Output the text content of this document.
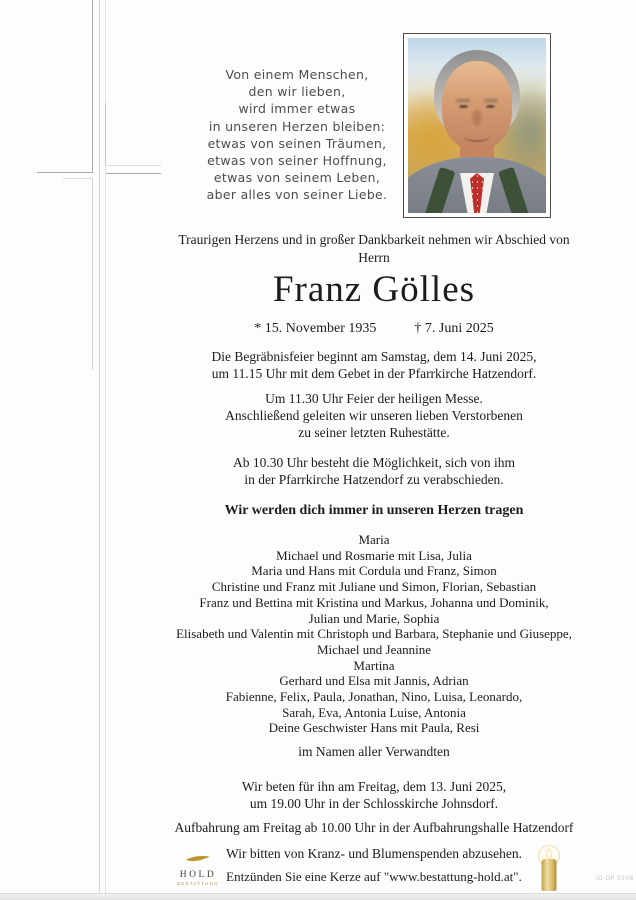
Von einem Menschen,
den wir lieben,
wird immer etwas
in unseren Herzen bleiben:
etwas von seinen Träumen,
etwas von seiner Hoffnung,
etwas von seinem Leben,
aber alles von seiner Liebe.
Traurigen Herzens und in großer Dankbarkeit nehmen wir Abschied von
Herrn
Franz Gölles
* 15. November 1935	† 7. Juni 2025
Die Begräbnisfeier beginnt am Samstag, dem 14. Juni 2025,
um 11.15 Uhr mit dem Gebet in der Pfarrkirche Hatzendorf.
Um 11.30 Uhr Feier der heiligen Messe.
Anschließend geleiten wir unseren lieben Verstorbenen
zu seiner letzten Ruhestätte.
Ab 10.30 Uhr besteht die Möglichkeit, sich von ihm
in der Pfarrkirche Hatzendorf zu verabschieden.
Wir werden dich immer in unseren Herzen tragen
Maria
Michael und Rosmarie mit Lisa, Julia
Maria und Hans mit Cordula und Franz, Simon
Christine und Franz mit Juliane und Simon, Florian, Sebastian
Franz und Bettina mit Kristina und Markus, Johanna und Dominik,
Julian und Marie, Sophia
Elisabeth und Valentin mit Christoph und Barbara, Stephanie und Giuseppe,
Michael und Jeannine
Martina
Gerhard und Elsa mit Jannis, Adrian
Fabienne, Felix, Paula, Jonathan, Nino, Luisa, Leonardo,
Sarah, Eva, Antonia Luise, Antonia
Deine Geschwister Hans mit Paula, Resi
im Namen aller Verwandten
Wir beten für ihn am Freitag, dem 13. Juni 2025,
um 19.00 Uhr in der Schlosskirche Johnsdorf.
Aufbahrung am Freitag ab 10.00 Uhr in der Aufbahrungshalle Hatzendorf
Wir bitten von Kranz- und Blumenspenden abzusehen.
Entzünden Sie eine Kerze auf "www.bestattung-hold.at".
HOLD
BESTATTUNG
ID DP 9108
